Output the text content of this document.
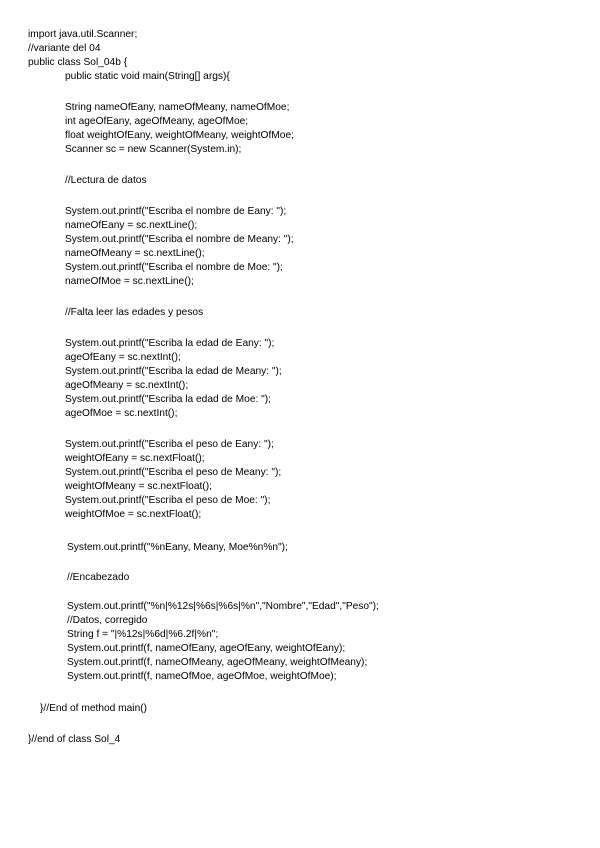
import java.util.Scanner;
//variante del 04
public class Sol_04b {
public static void main(String[] args){
String nameOfEany, nameOfMeany, nameOfMoe;
int ageOfEany, ageOfMeany, ageOfMoe;
float weightOfEany, weightOfMeany, weightOfMoe;
Scanner sc = new Scanner(System.in);
//Lectura de datos
System.out.printf("Escriba el nombre de Eany: ");
nameOfEany = sc.nextLine();
System.out.printf("Escriba el nombre de Meany: ");
nameOfMeany = sc.nextLine();
System.out.printf("Escriba el nombre de Moe: ");
nameOfMoe = sc.nextLine();
//Falta leer las edades y pesos
System.out.printf("Escriba la edad de Eany: ");
ageOfEany = sc.nextInt();
System.out.printf("Escriba la edad de Meany: ");
ageOfMeany = sc.nextInt();
System.out.printf("Escriba la edad de Moe: ");
ageOfMoe = sc.nextInt();
System.out.printf("Escriba el peso de Eany: ");
weightOfEany = sc.nextFloat();
System.out.printf("Escriba el peso de Meany: ");
weightOfMeany = sc.nextFloat();
System.out.printf("Escriba el peso de Moe: ");
weightOfMoe = sc.nextFloat();
System.out.printf("%nEany, Meany, Moe%n%n");
//Encabezado
System.out.printf("%n|%12s|%6s|%6s|%n","Nombre","Edad","Peso");
//Datos, corregido
String f = "|%12s|%6d|%6.2f|%n";
System.out.printf(f, nameOfEany, ageOfEany, weightOfEany);
System.out.printf(f, nameOfMeany, ageOfMeany, weightOfMeany);
System.out.printf(f, nameOfMoe, ageOfMoe, weightOfMoe);
}//End of method main()
}//end of class Sol_4
